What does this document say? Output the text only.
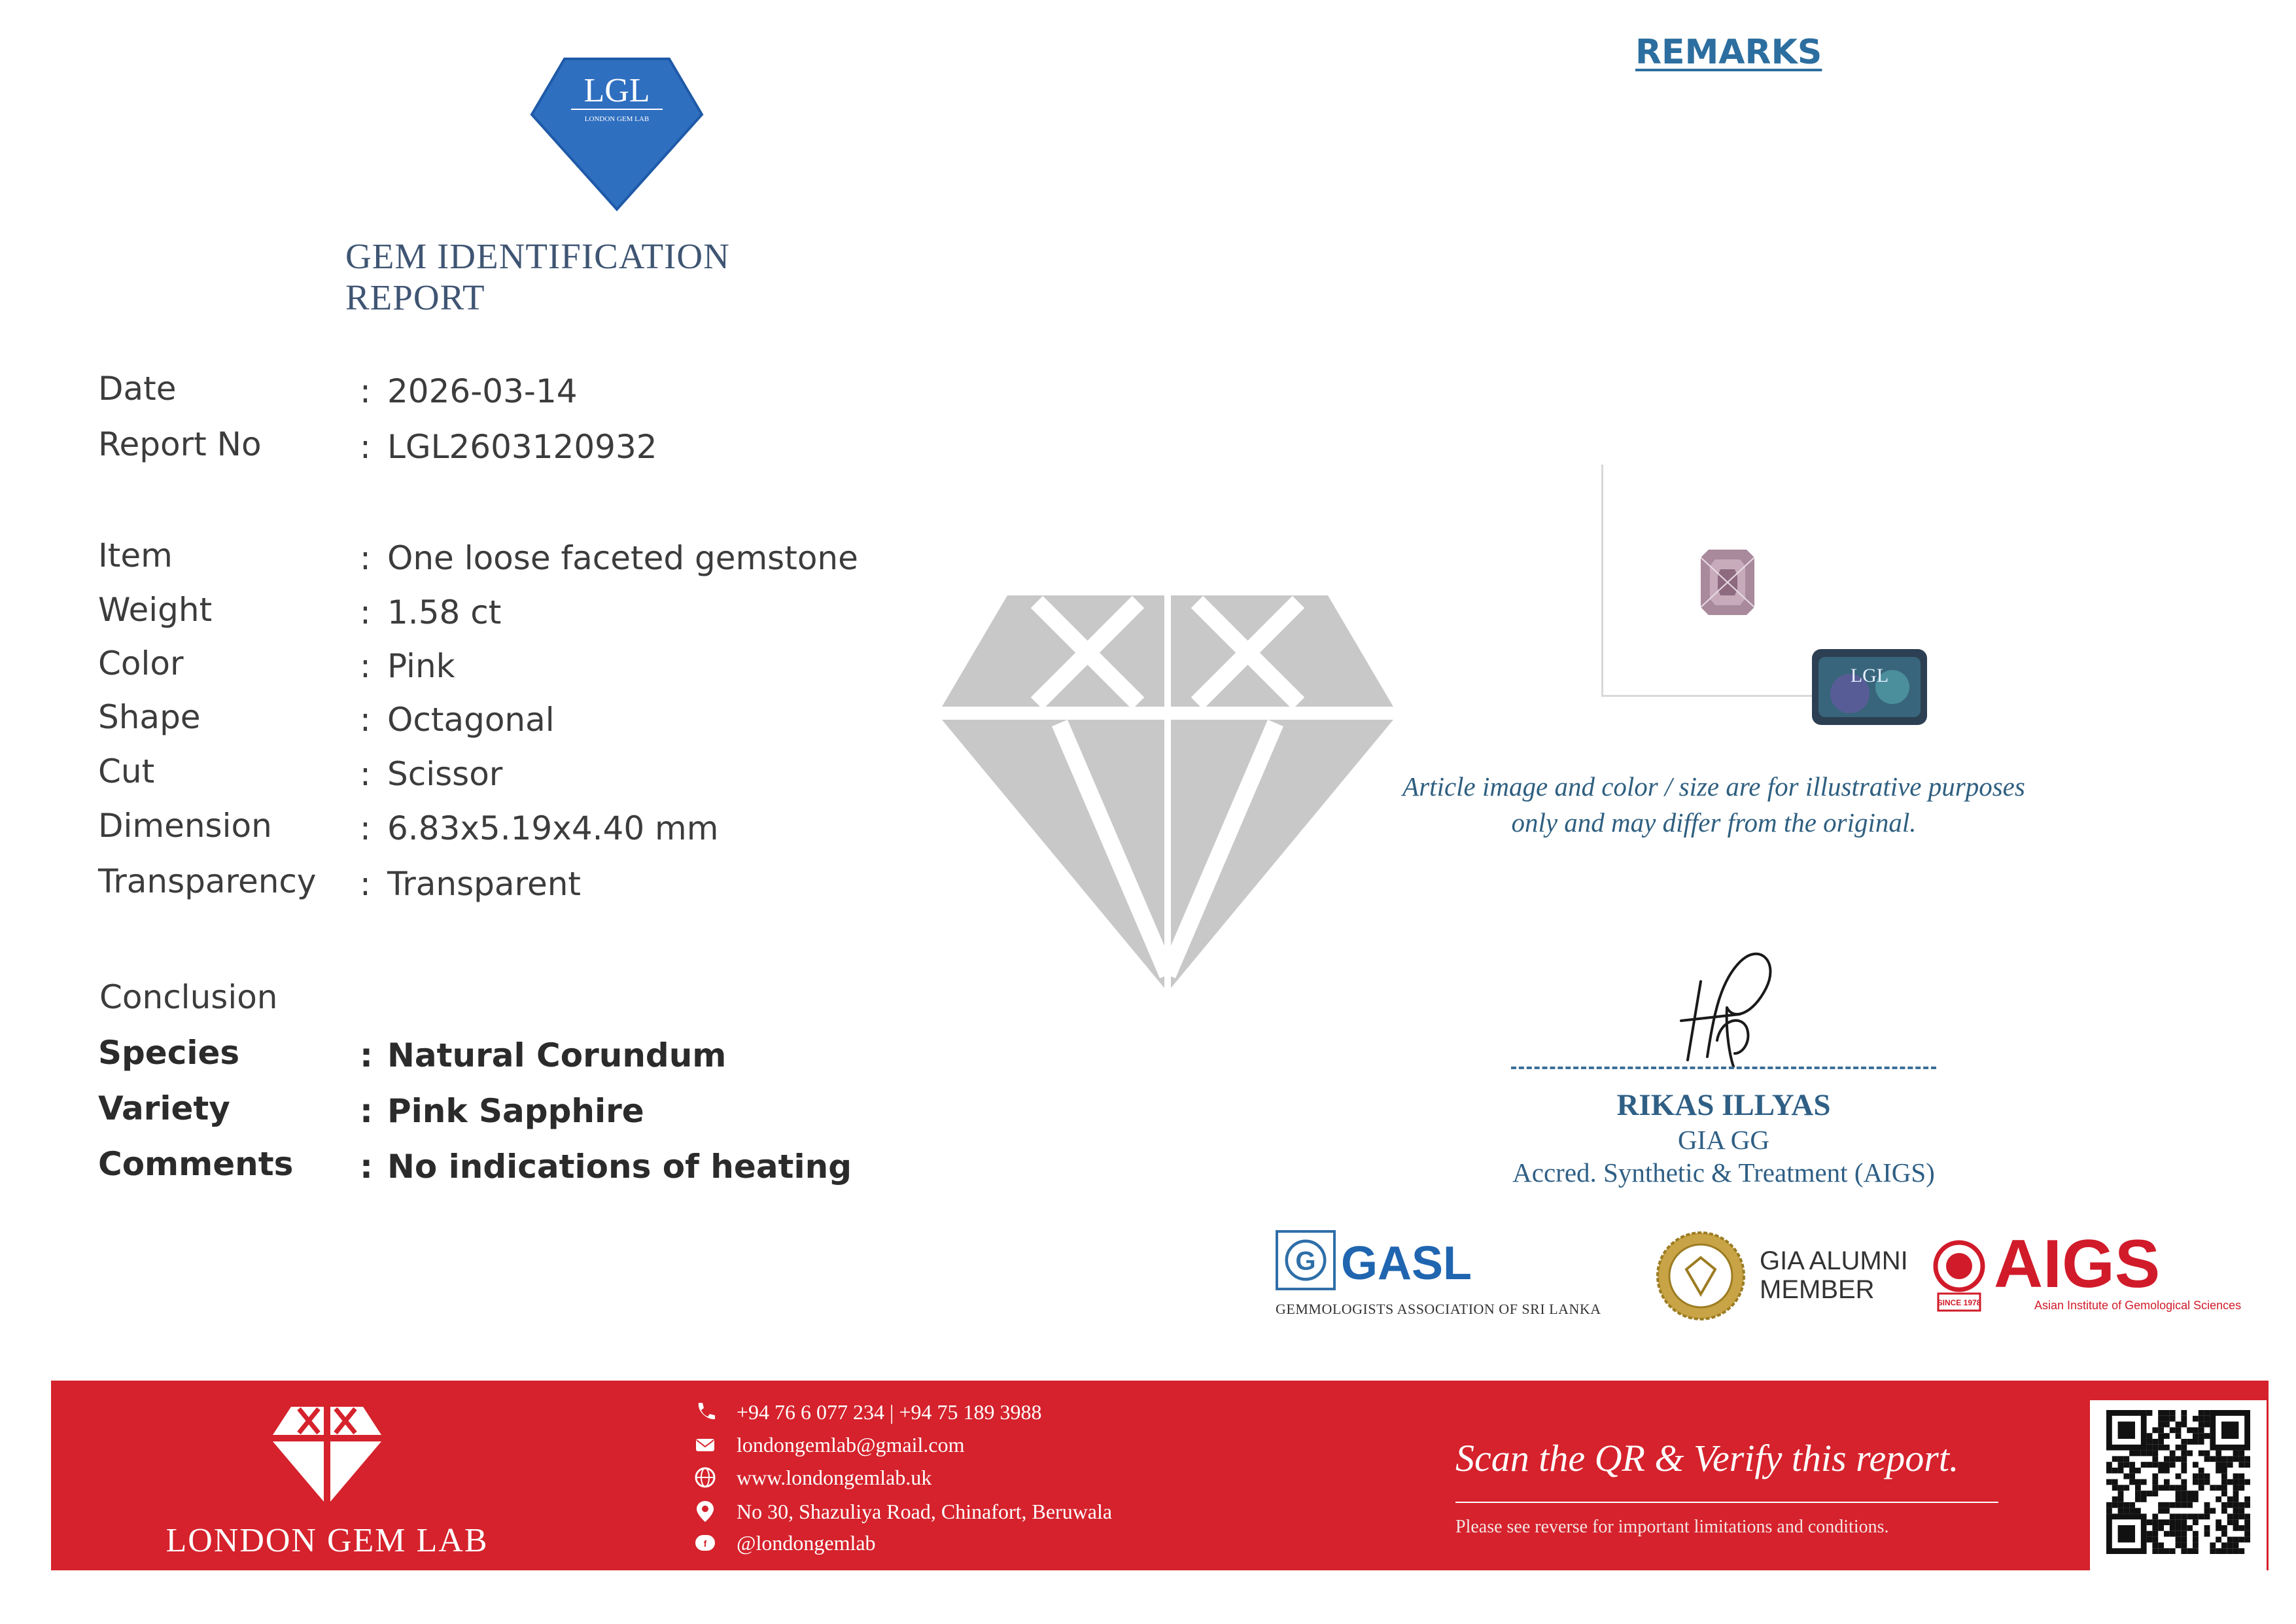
LGL
LONDON GEM LAB
GEM IDENTIFICATION REPORT
REMARKS
Date	: 2026-03-14
Report No	: LGL2603120932
Item	: One loose faceted gemstone
Weight	: 1.58 ct
Color	: Pink
Shape	: Octagonal
Cut	: Scissor
Dimension	: 6.83x5.19x4.40 mm
Transparency : Transparent
Conclusion
Species	: Natural Corundum
Variety	: Pink Sapphire
Comments : No indications of heating
LGL
Article image and color / size are for illustrative purposes
only and may differ from the original.
RIKAS ILLYAS
GIA GG
Accred. Synthetic & Treatment (AIGS)
G GASL
GEMMOLOGISTS ASSOCIATION OF SRI LANKA
GIA ALUMNI
MEMBER	SINCE 1978
AIGS
Asian Institute of Gemological Sciences
LONDON GEM LAB
+94 76 6 077 234 | +94 75 189 3988
londongemlab@gmail.com
www.londongemlab.uk
No 30, Shazuliya Road, Chinafort, Beruwala
f @londongemlab
Scan the QR & Verify this report.
Please see reverse for important limitations and conditions.
